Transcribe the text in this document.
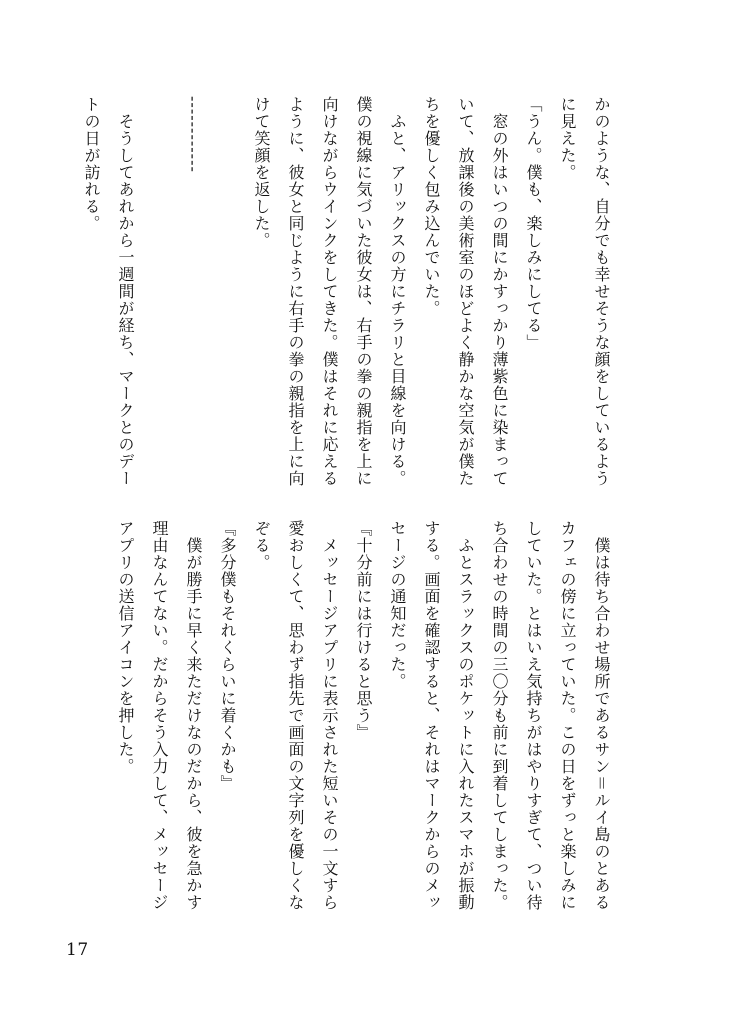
かのような、自分でも幸せそうな顔をしているよう
に見えた。
「うん。僕も、楽しみにしてる」
　窓の外はいつの間にかすっかり薄紫色に染まって
いて、放課後の美術室のほどよく静かな空気が僕た
ちを優しく包み込んでいた。
　ふと、アリックスの方にチラリと目線を向ける。
僕の視線に気づいた彼女は、右手の拳の親指を上に
向けながらウインクをしてきた。僕はそれに応える
ように、彼女と同じように右手の拳の親指を上に向
けて笑顔を返した。
------------
　そうしてあれから一週間が経ち、マークとのデー
トの日が訪れる。
　僕は待ち合わせ場所であるサン＝ルイ島のとある
カフェの傍に立っていた。この日をずっと楽しみに
していた。とはいえ気持ちがはやりすぎて、つい待
ち合わせの時間の三〇分も前に到着してしまった。
　ふとスラックスのポケットに入れたスマホが振動
する。画面を確認すると、それはマークからのメッ
セージの通知だった。
『十分前には行けると思う』
　メッセージアプリに表示された短いその一文すら
愛おしくて、思わず指先で画面の文字列を優しくな
ぞる。
『多分僕もそれくらいに着くかも』
　僕が勝手に早く来ただけなのだから、彼を急かす
理由なんてない。だからそう入力して、メッセージ
アプリの送信アイコンを押した。
17
